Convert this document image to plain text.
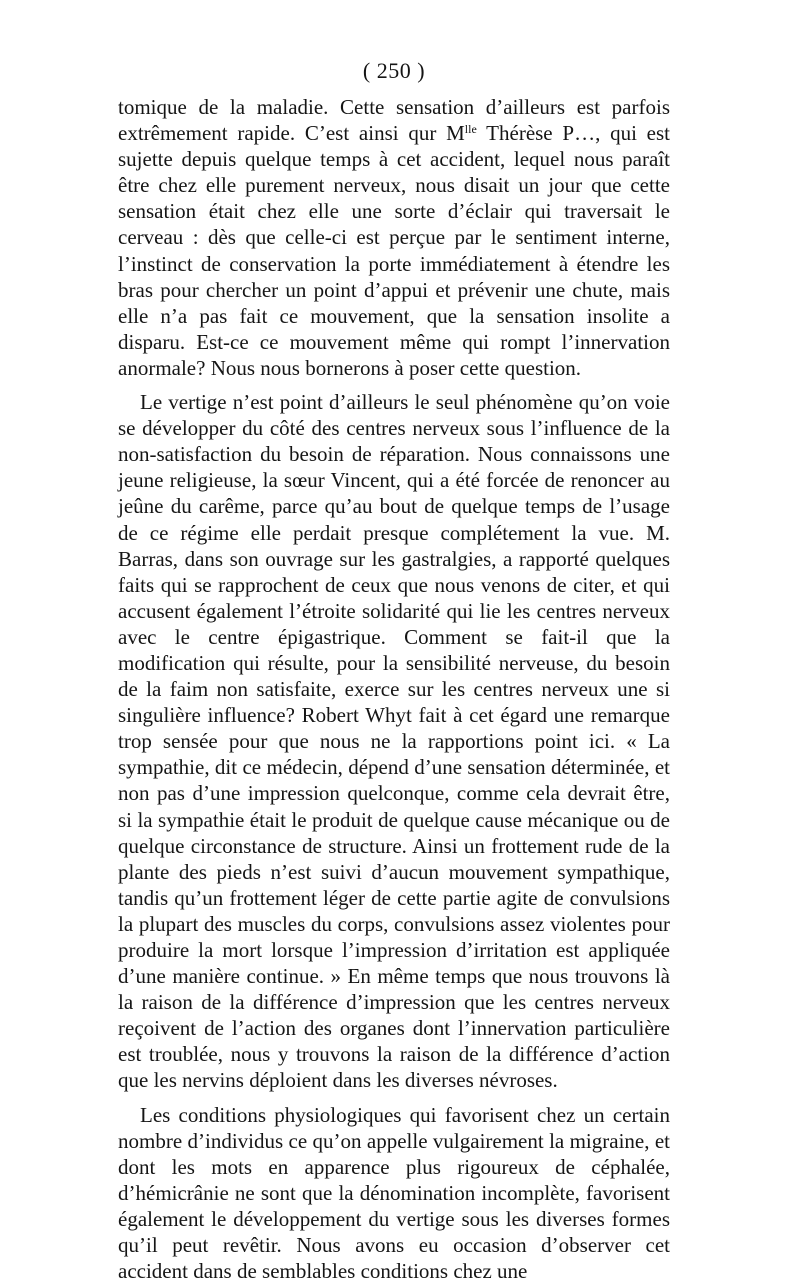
( 250 )

tomique de la maladie. Cette sensation d’ailleurs est parfois extrêmement rapide. C’est ainsi qur $M^{lle}$ Thérèse P…, qui est sujette depuis quelque temps à cet accident, lequel nous paraît être chez elle purement nerveux, nous disait un jour que cette sensation était chez elle une sorte d’éclair qui traversait le cerveau : dès que celle-ci est perçue par le sentiment interne, l’instinct de conservation la porte immédiatement à étendre les bras pour chercher un point d’appui et prévenir une chute, mais elle n’a pas fait ce mouvement, que la sensation insolite a disparu. Est-ce ce mouvement même qui rompt l’innervation anormale? Nous nous bornerons à poser cette question.

Le vertige n’est point d’ailleurs le seul phénomène qu’on voie se développer du côté des centres nerveux sous l’influence de la non-satisfaction du besoin de réparation. Nous connaissons une jeune religieuse, la sœur Vincent, qui a été forcée de renoncer au jeûne du carême, parce qu’au bout de quelque temps de l’usage de ce régime elle perdait presque complétement la vue. M. Barras, dans son ouvrage sur les gastralgies, a rapporté quelques faits qui se rapprochent de ceux que nous venons de citer, et qui accusent également l’étroite solidarité qui lie les centres nerveux avec le centre épigastrique. Comment se fait-il que la modification qui résulte, pour la sensibilité nerveuse, du besoin de la faim non satisfaite, exerce sur les centres nerveux une si singulière influence? Robert Whyt fait à cet égard une remarque trop sensée pour que nous ne la rapportions point ici. « La sympathie, dit ce médecin, dépend d’une sensation déterminée, et non pas d’une impression quelconque, comme cela devrait être, si la sympathie était le produit de quelque cause mécanique ou de quelque circonstance de structure. Ainsi un frottement rude de la plante des pieds n’est suivi d’aucun mouvement sympathique, tandis qu’un frottement léger de cette partie agite de convulsions la plupart des muscles du corps, convulsions assez violentes pour produire la mort lorsque l’impression d’irritation est appliquée d’une manière continue. » En même temps que nous trouvons là la raison de la différence d’impression que les centres nerveux reçoivent de l’action des organes dont l’innervation particulière est troublée, nous y trouvons la raison de la différence d’action que les nervins déploient dans les diverses névroses.

Les conditions physiologiques qui favorisent chez un certain nombre d’individus ce qu’on appelle vulgairement la migraine, et dont les mots en apparence plus rigoureux de céphalée, d’hémicrânie ne sont que la dénomination incomplète, favorisent également le développement du vertige sous les diverses formes qu’il peut revêtir. Nous avons eu occasion d’observer cet accident dans de semblables conditions chez une
